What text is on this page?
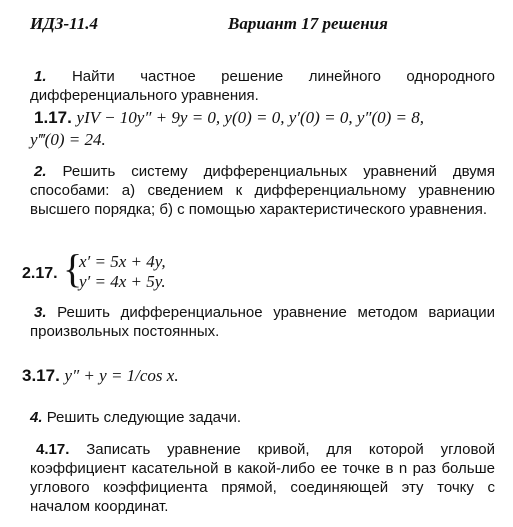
ИДЗ-11.4	Вариант 17 решения
1. Найти частное решение линейного однородного дифференциального уравнения.
1.17. yIV − 10y″ + 9y = 0, y(0) = 0, y′(0) = 0, y″(0) = 8,
y‴(0) = 24.
2. Решить систему дифференциальных уравнений двумя способами: а) сведением к дифференциальному уравнению высшего порядка; б) с помощью характеристического уравнения.
2.17. {
x′ = 5x + 4y,
y′ = 4x + 5y.
3. Решить дифференциальное уравнение методом вариации произвольных постоянных.
3.17. y″ + y = 1/cos x.
4. Решить следующие задачи.
4.17. Записать уравнение кривой, для которой угловой коэффициент касательной в какой-либо ее точке в n раз больше углового коэффициента прямой, соединяющей эту точку с началом координат.
